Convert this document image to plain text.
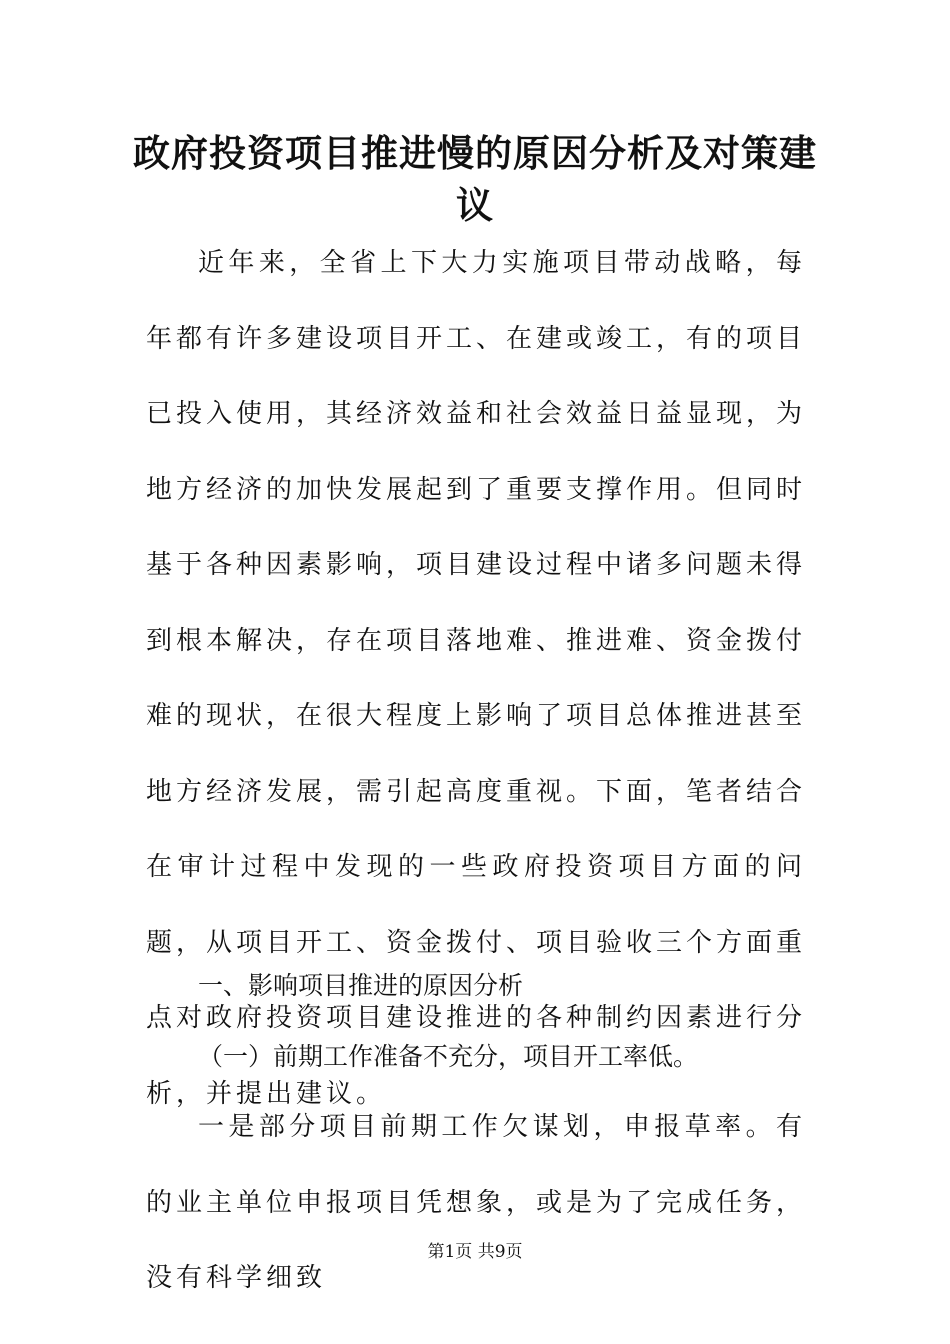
政府投资项目推进慢的原因分析及对策建议

近年来，全省上下大力实施项目带动战略，每年都有许多建设项目开工、在建或竣工，有的项目已投入使用，其经济效益和社会效益日益显现，为地方经济的加快发展起到了重要支撑作用。但同时基于各种因素影响，项目建设过程中诸多问题未得到根本解决，存在项目落地难、推进难、资金拨付难的现状，在很大程度上影响了项目总体推进甚至地方经济发展，需引起高度重视。下面，笔者结合在审计过程中发现的一些政府投资项目方面的问题，从项目开工、资金拨付、项目验收三个方面重点对政府投资项目建设推进的各种制约因素进行分析，并提出建议。

一、影响项目推进的原因分析

（一）前期工作准备不充分，项目开工率低。

一是部分项目前期工作欠谋划，申报草率。有的业主单位申报项目凭想象，或是为了完成任务，没有科学细致

第1页 共9页
